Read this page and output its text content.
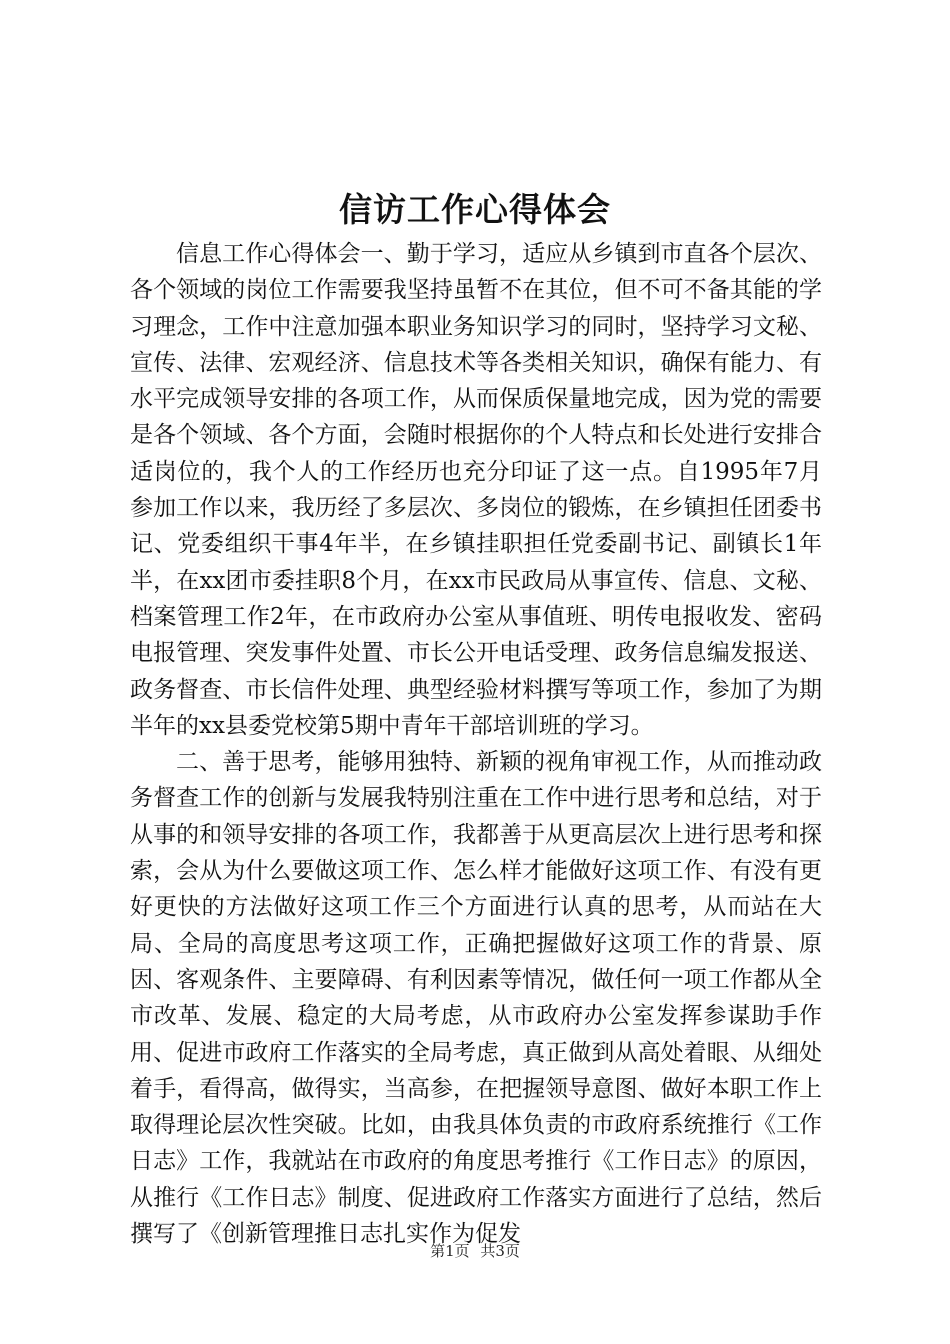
信访工作心得体会

信息工作心得体会一、勤于学习，适应从乡镇到市直各个层次、各个领域的岗位工作需要我坚持虽暂不在其位，但不可不备其能的学习理念，工作中注意加强本职业务知识学习的同时，坚持学习文秘、宣传、法律、宏观经济、信息技术等各类相关知识，确保有能力、有水平完成领导安排的各项工作，从而保质保量地完成，因为党的需要是各个领域、各个方面，会随时根据你的个人特点和长处进行安排合适岗位的，我个人的工作经历也充分印证了这一点。自1995年7月参加工作以来，我历经了多层次、多岗位的锻炼，在乡镇担任团委书记、党委组织干事4年半，在乡镇挂职担任党委副书记、副镇长1年半，在xx团市委挂职8个月，在xx市民政局从事宣传、信息、文秘、档案管理工作2年，在市政府办公室从事值班、明传电报收发、密码电报管理、突发事件处置、市长公开电话受理、政务信息编发报送、政务督查、市长信件处理、典型经验材料撰写等项工作，参加了为期半年的xx县委党校第5期中青年干部培训班的学习。

二、善于思考，能够用独特、新颖的视角审视工作，从而推动政务督查工作的创新与发展我特别注重在工作中进行思考和总结，对于从事的和领导安排的各项工作，我都善于从更高层次上进行思考和探索，会从为什么要做这项工作、怎么样才能做好这项工作、有没有更好更快的方法做好这项工作三个方面进行认真的思考，从而站在大局、全局的高度思考这项工作，正确把握做好这项工作的背景、原因、客观条件、主要障碍、有利因素等情况，做任何一项工作都从全市改革、发展、稳定的大局考虑，从市政府办公室发挥参谋助手作用、促进市政府工作落实的全局考虑，真正做到从高处着眼、从细处着手，看得高，做得实，当高参，在把握领导意图、做好本职工作上取得理论层次性突破。比如，由我具体负责的市政府系统推行《工作日志》工作，我就站在市政府的角度思考推行《工作日志》的原因，从推行《工作日志》制度、促进政府工作落实方面进行了总结，然后撰写了《创新管理推日志扎实作为促发

第1页 共3页
